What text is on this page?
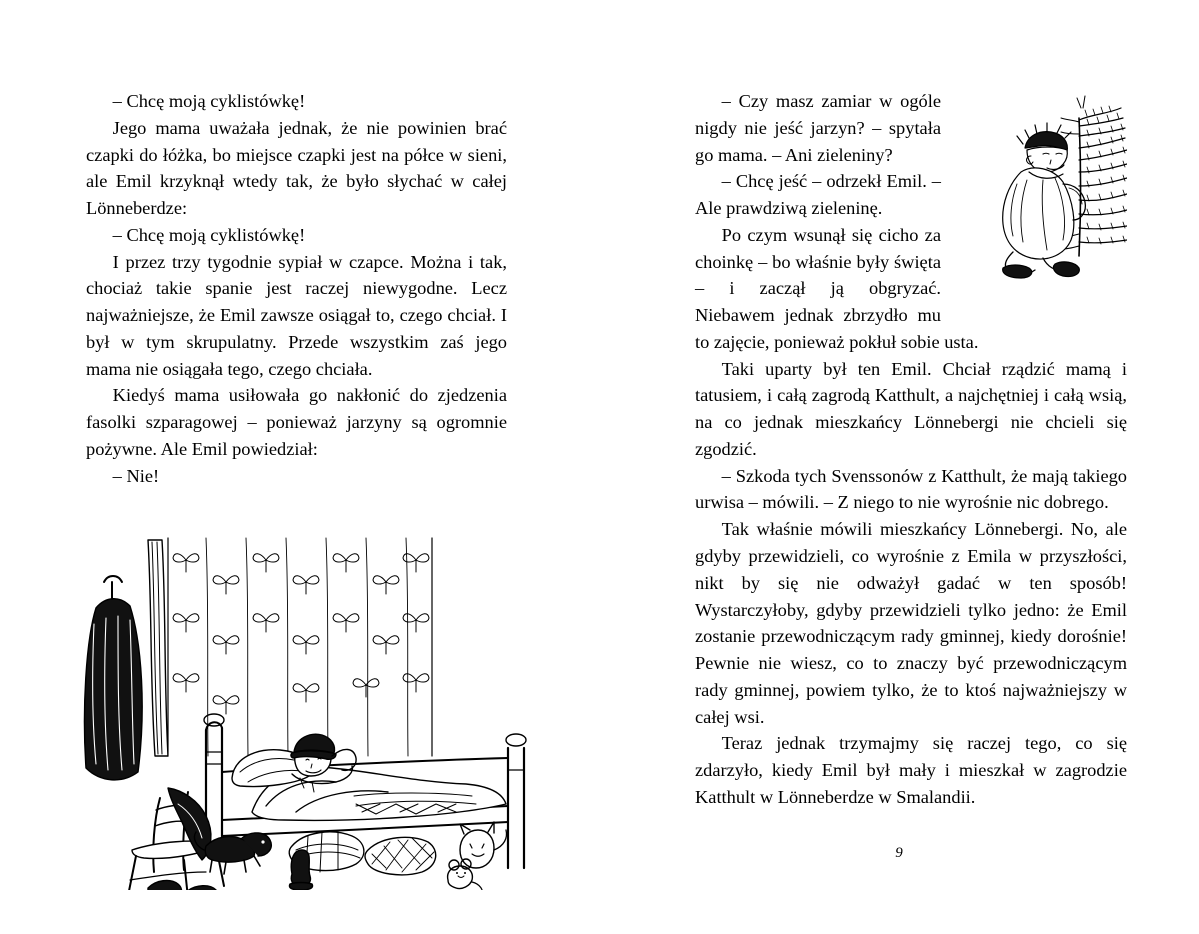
– Chcę moją cyklistówkę!

Jego mama uważała jednak, że nie powinien brać czapki do łóżka, bo miejsce czapki jest na półce w sieni, ale Emil krzyknął wtedy tak, że było słychać w całej Lönneberdze:

– Chcę moją cyklistówkę!

I przez trzy tygodnie sypiał w czapce. Można i tak, chociaż takie spanie jest raczej niewygodne. Lecz najważniejsze, że Emil zawsze osiągał to, czego chciał. I był w tym skrupulatny. Przede wszystkim zaś jego mama nie osiągała tego, czego chciała.

Kiedyś mama usiłowała go nakłonić do zjedzenia fasolki szparagowej – ponieważ jarzyny są ogromnie pożywne. Ale Emil powiedział:

– Nie!

– Czy masz zamiar w ogóle nigdy nie jeść jarzyn? – spytała go mama. – Ani zieleniny?

– Chcę jeść – odrzekł Emil. – Ale prawdziwą zieleninę.

Po czym wsunął się cicho za choinkę – bo właśnie były święta – i zaczął ją obgryzać. Niebawem jednak zbrzydło mu to zajęcie, ponieważ pokłuł sobie usta.

Taki uparty był ten Emil. Chciał rządzić mamą i tatusiem, i całą zagrodą Katthult, a najchętniej i całą wsią, na co jednak mieszkańcy Lönnebergi nie chcieli się zgodzić.

– Szkoda tych Svenssonów z Katthult, że mają takiego urwisa – mówili. – Z niego to nie wyrośnie nic dobrego.

Tak właśnie mówili mieszkańcy Lönnebergi. No, ale gdyby przewidzieli, co wyrośnie z Emila w przyszłości, nikt by się nie odważył gadać w ten sposób! Wystarczyłoby, gdyby przewidzieli tylko jedno: że Emil zostanie przewodniczącym rady gminnej, kiedy dorośnie! Pewnie nie wiesz, co to znaczy być przewodniczącym rady gminnej, powiem tylko, że to ktoś najważniejszy w całej wsi.

Teraz jednak trzymajmy się raczej tego, co się zdarzyło, kiedy Emil był mały i mieszkał w zagrodzie Katthult w Lönneberdze w Smalandii.

9
